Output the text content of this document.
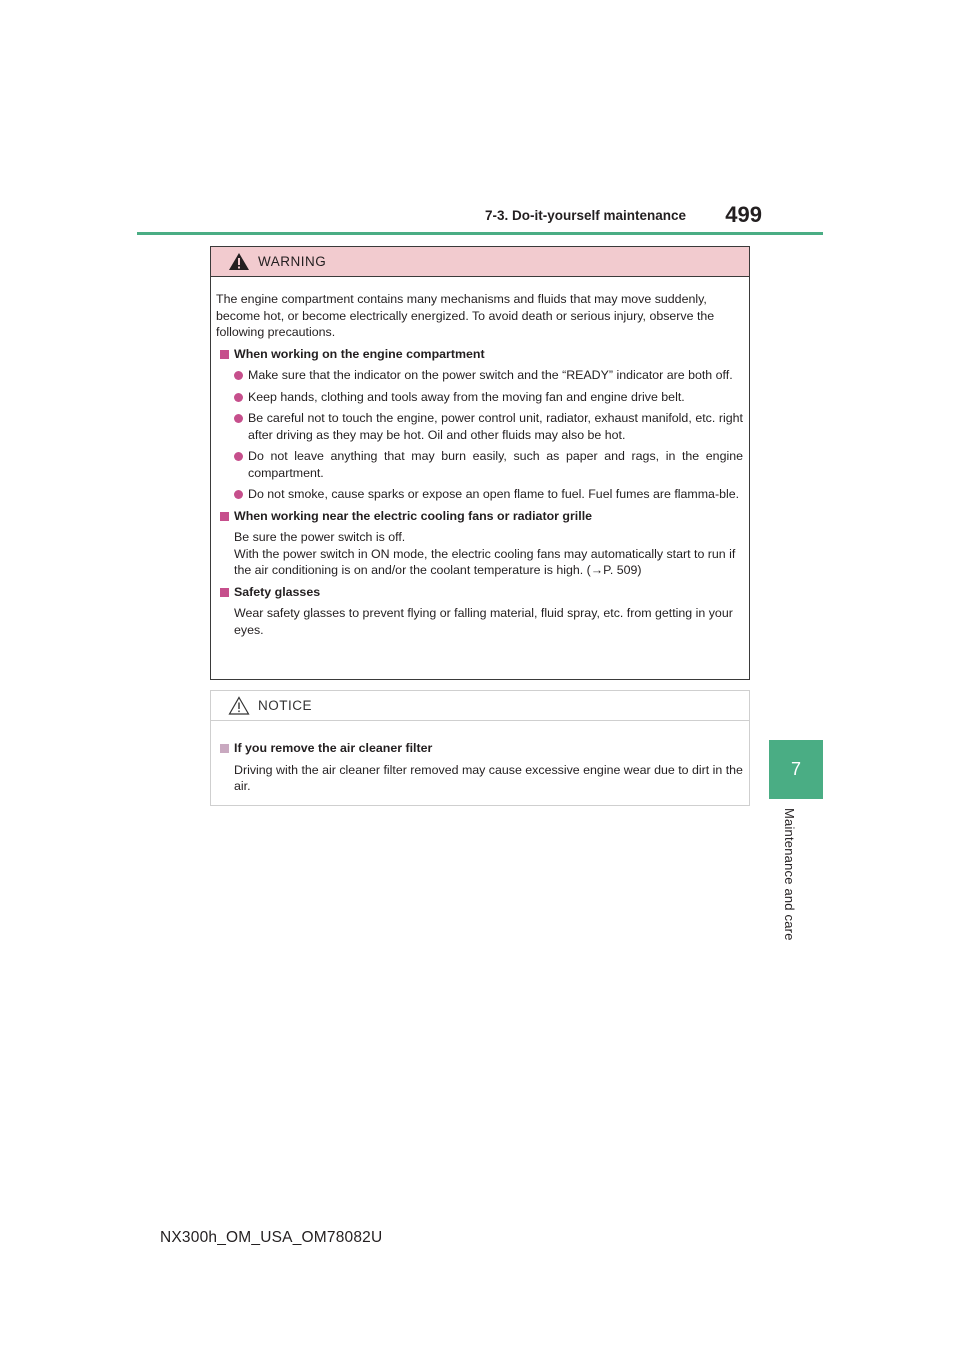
7-3. Do-it-yourself maintenance	499
7
Maintenance and care
WARNING

The engine compartment contains many mechanisms and fluids that may move suddenly, become hot, or become electrically energized. To avoid death or serious injury, observe the following precautions.

When working on the engine compartment
Make sure that the indicator on the power switch and the “READY” indicator are both off.
Keep hands, clothing and tools away from the moving fan and engine drive belt.
Be careful not to touch the engine, power control unit, radiator, exhaust manifold, etc. right after driving as they may be hot. Oil and other fluids may also be hot.
Do not leave anything that may burn easily, such as paper and rags, in the engine compartment.
Do not smoke, cause sparks or expose an open flame to fuel. Fuel fumes are flamma-ble.
When working near the electric cooling fans or radiator grille
Be sure the power switch is off.
With the power switch in ON mode, the electric cooling fans may automatically start to run if the air conditioning is on and/or the coolant temperature is high. (→P. 509)
Safety glasses
Wear safety glasses to prevent flying or falling material, fluid spray, etc. from getting in your eyes.
NOTICE
If you remove the air cleaner filter
Driving with the air cleaner filter removed may cause excessive engine wear due to dirt in the air.
NX300h_OM_USA_OM78082U
